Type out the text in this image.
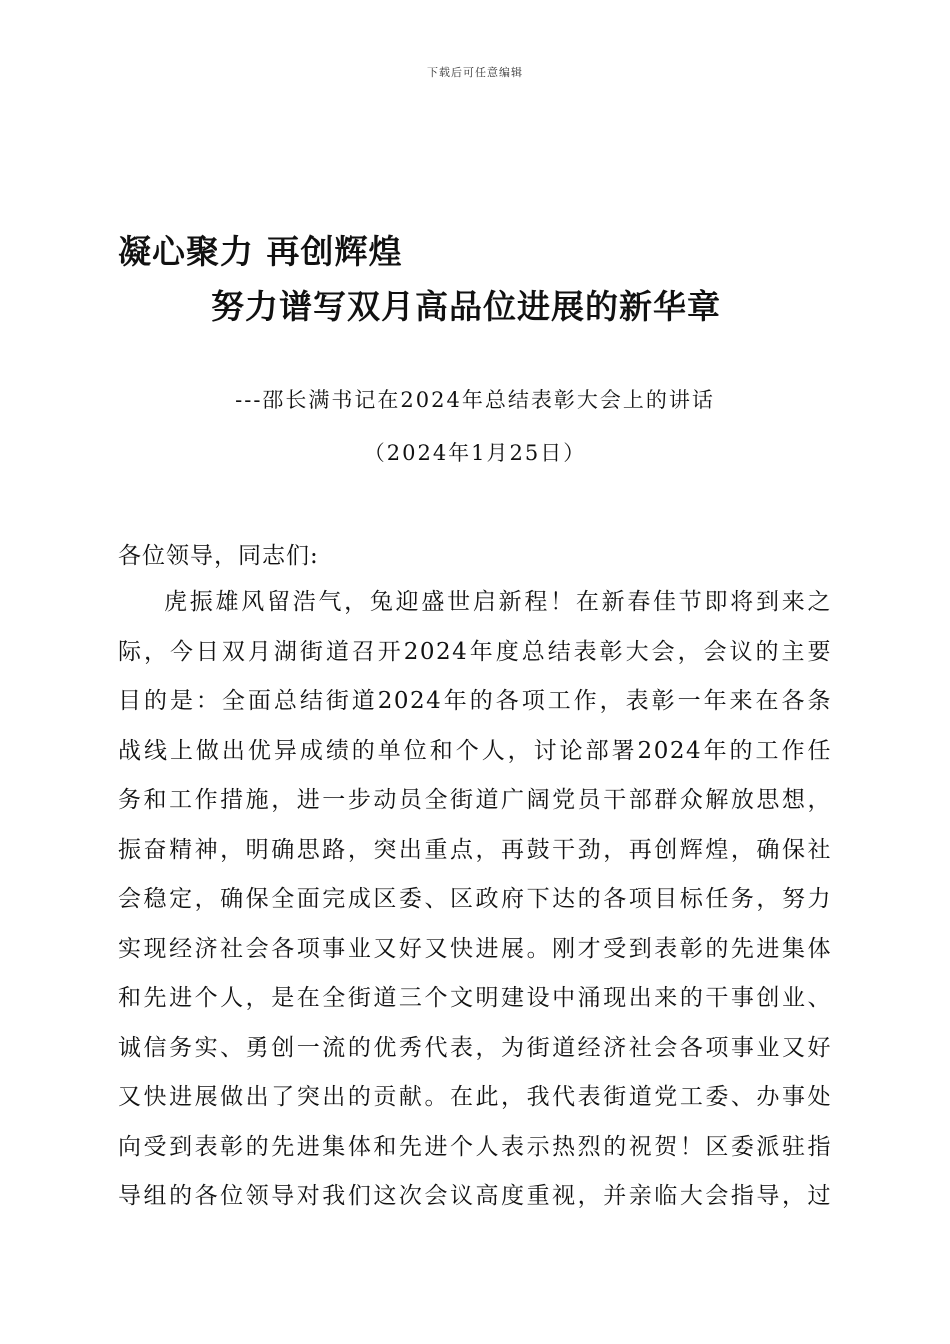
下载后可任意编辑
凝心聚力 再创辉煌
努力谱写双月高品位进展的新华章
---邵长满书记在2024年总结表彰大会上的讲话
（2024年1月25日）
各位领导，同志们:
虎振雄风留浩气，兔迎盛世启新程！在新春佳节即将到来之
际，今日双月湖街道召开2024年度总结表彰大会，会议的主要
目的是：全面总结街道2024年的各项工作，表彰一年来在各条
战线上做出优异成绩的单位和个人，讨论部署2024年的工作任
务和工作措施，进一步动员全街道广阔党员干部群众解放思想，
振奋精神，明确思路，突出重点，再鼓干劲，再创辉煌，确保社
会稳定，确保全面完成区委、区政府下达的各项目标任务，努力
实现经济社会各项事业又好又快进展。刚才受到表彰的先进集体
和先进个人，是在全街道三个文明建设中涌现出来的干事创业、
诚信务实、勇创一流的优秀代表，为街道经济社会各项事业又好
又快进展做出了突出的贡献。在此，我代表街道党工委、办事处
向受到表彰的先进集体和先进个人表示热烈的祝贺！区委派驻指
导组的各位领导对我们这次会议高度重视，并亲临大会指导，过
